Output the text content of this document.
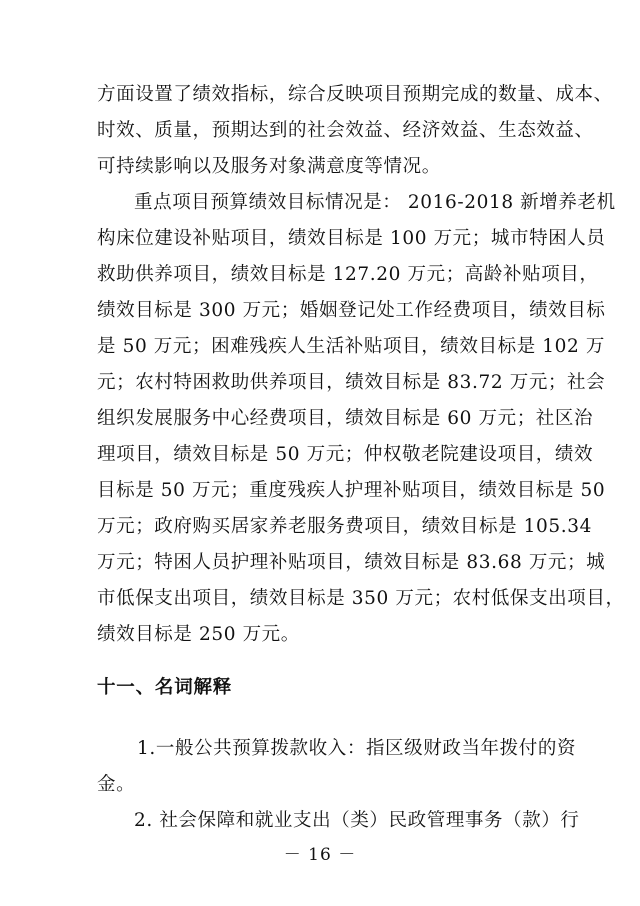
方面设置了绩效指标，综合反映项目预期完成的数量、成本、
时效、质量，预期达到的社会效益、经济效益、生态效益、
可持续影响以及服务对象满意度等情况。
重点项目预算绩效目标情况是： 2016-2018 新增养老机
构床位建设补贴项目，绩效目标是 100 万元；城市特困人员
救助供养项目，绩效目标是 127.20 万元；高龄补贴项目，
绩效目标是 300 万元；婚姻登记处工作经费项目，绩效目标
是 50 万元；困难残疾人生活补贴项目，绩效目标是 102 万
元；农村特困救助供养项目，绩效目标是 83.72 万元；社会
组织发展服务中心经费项目，绩效目标是 60 万元；社区治
理项目，绩效目标是 50 万元；仲权敬老院建设项目，绩效
目标是 50 万元；重度残疾人护理补贴项目，绩效目标是 50
万元；政府购买居家养老服务费项目，绩效目标是 105.34
万元；特困人员护理补贴项目，绩效目标是 83.68 万元；城
市低保支出项目，绩效目标是 350 万元；农村低保支出项目，
绩效目标是 250 万元。
十一、名词解释
1.一般公共预算拨款收入：指区级财政当年拨付的资
金。
2. 社会保障和就业支出（类）民政管理事务（款）行
－ 16 －
